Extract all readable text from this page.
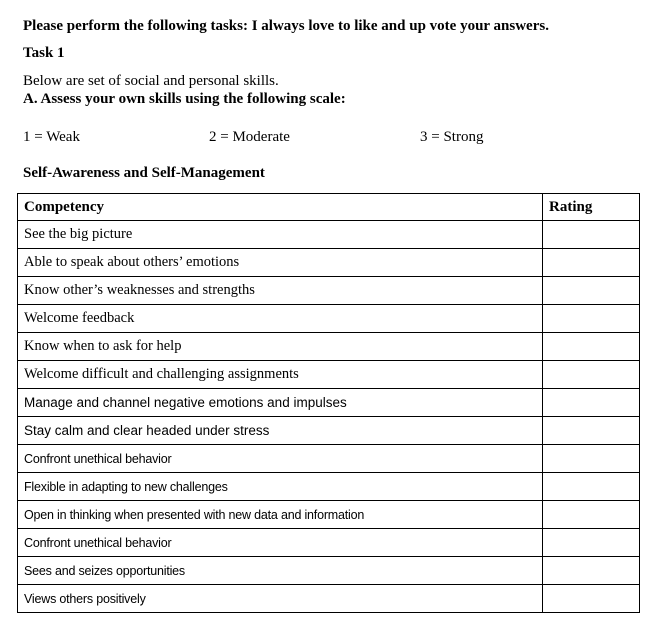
Please perform the following tasks: I always love to like and up vote your answers.
Task 1
Below are set of social and personal skills.
A. Assess your own skills using the following scale:
1 = Weak	2 = Moderate	3 = Strong
Self-Awareness and Self-Management
Competency	Rating
See the big picture	
Able to speak about others’ emotions	
Know other’s weaknesses and strengths	
Welcome feedback	
Know when to ask for help	
Welcome difficult and challenging assignments	
Manage and channel negative emotions and impulses	
Stay calm and clear headed under stress	
Confront unethical behavior	
Flexible in adapting to new challenges	
Open in thinking when presented with new data and information	
Confront unethical behavior	
Sees and seizes opportunities	
Views others positively	
